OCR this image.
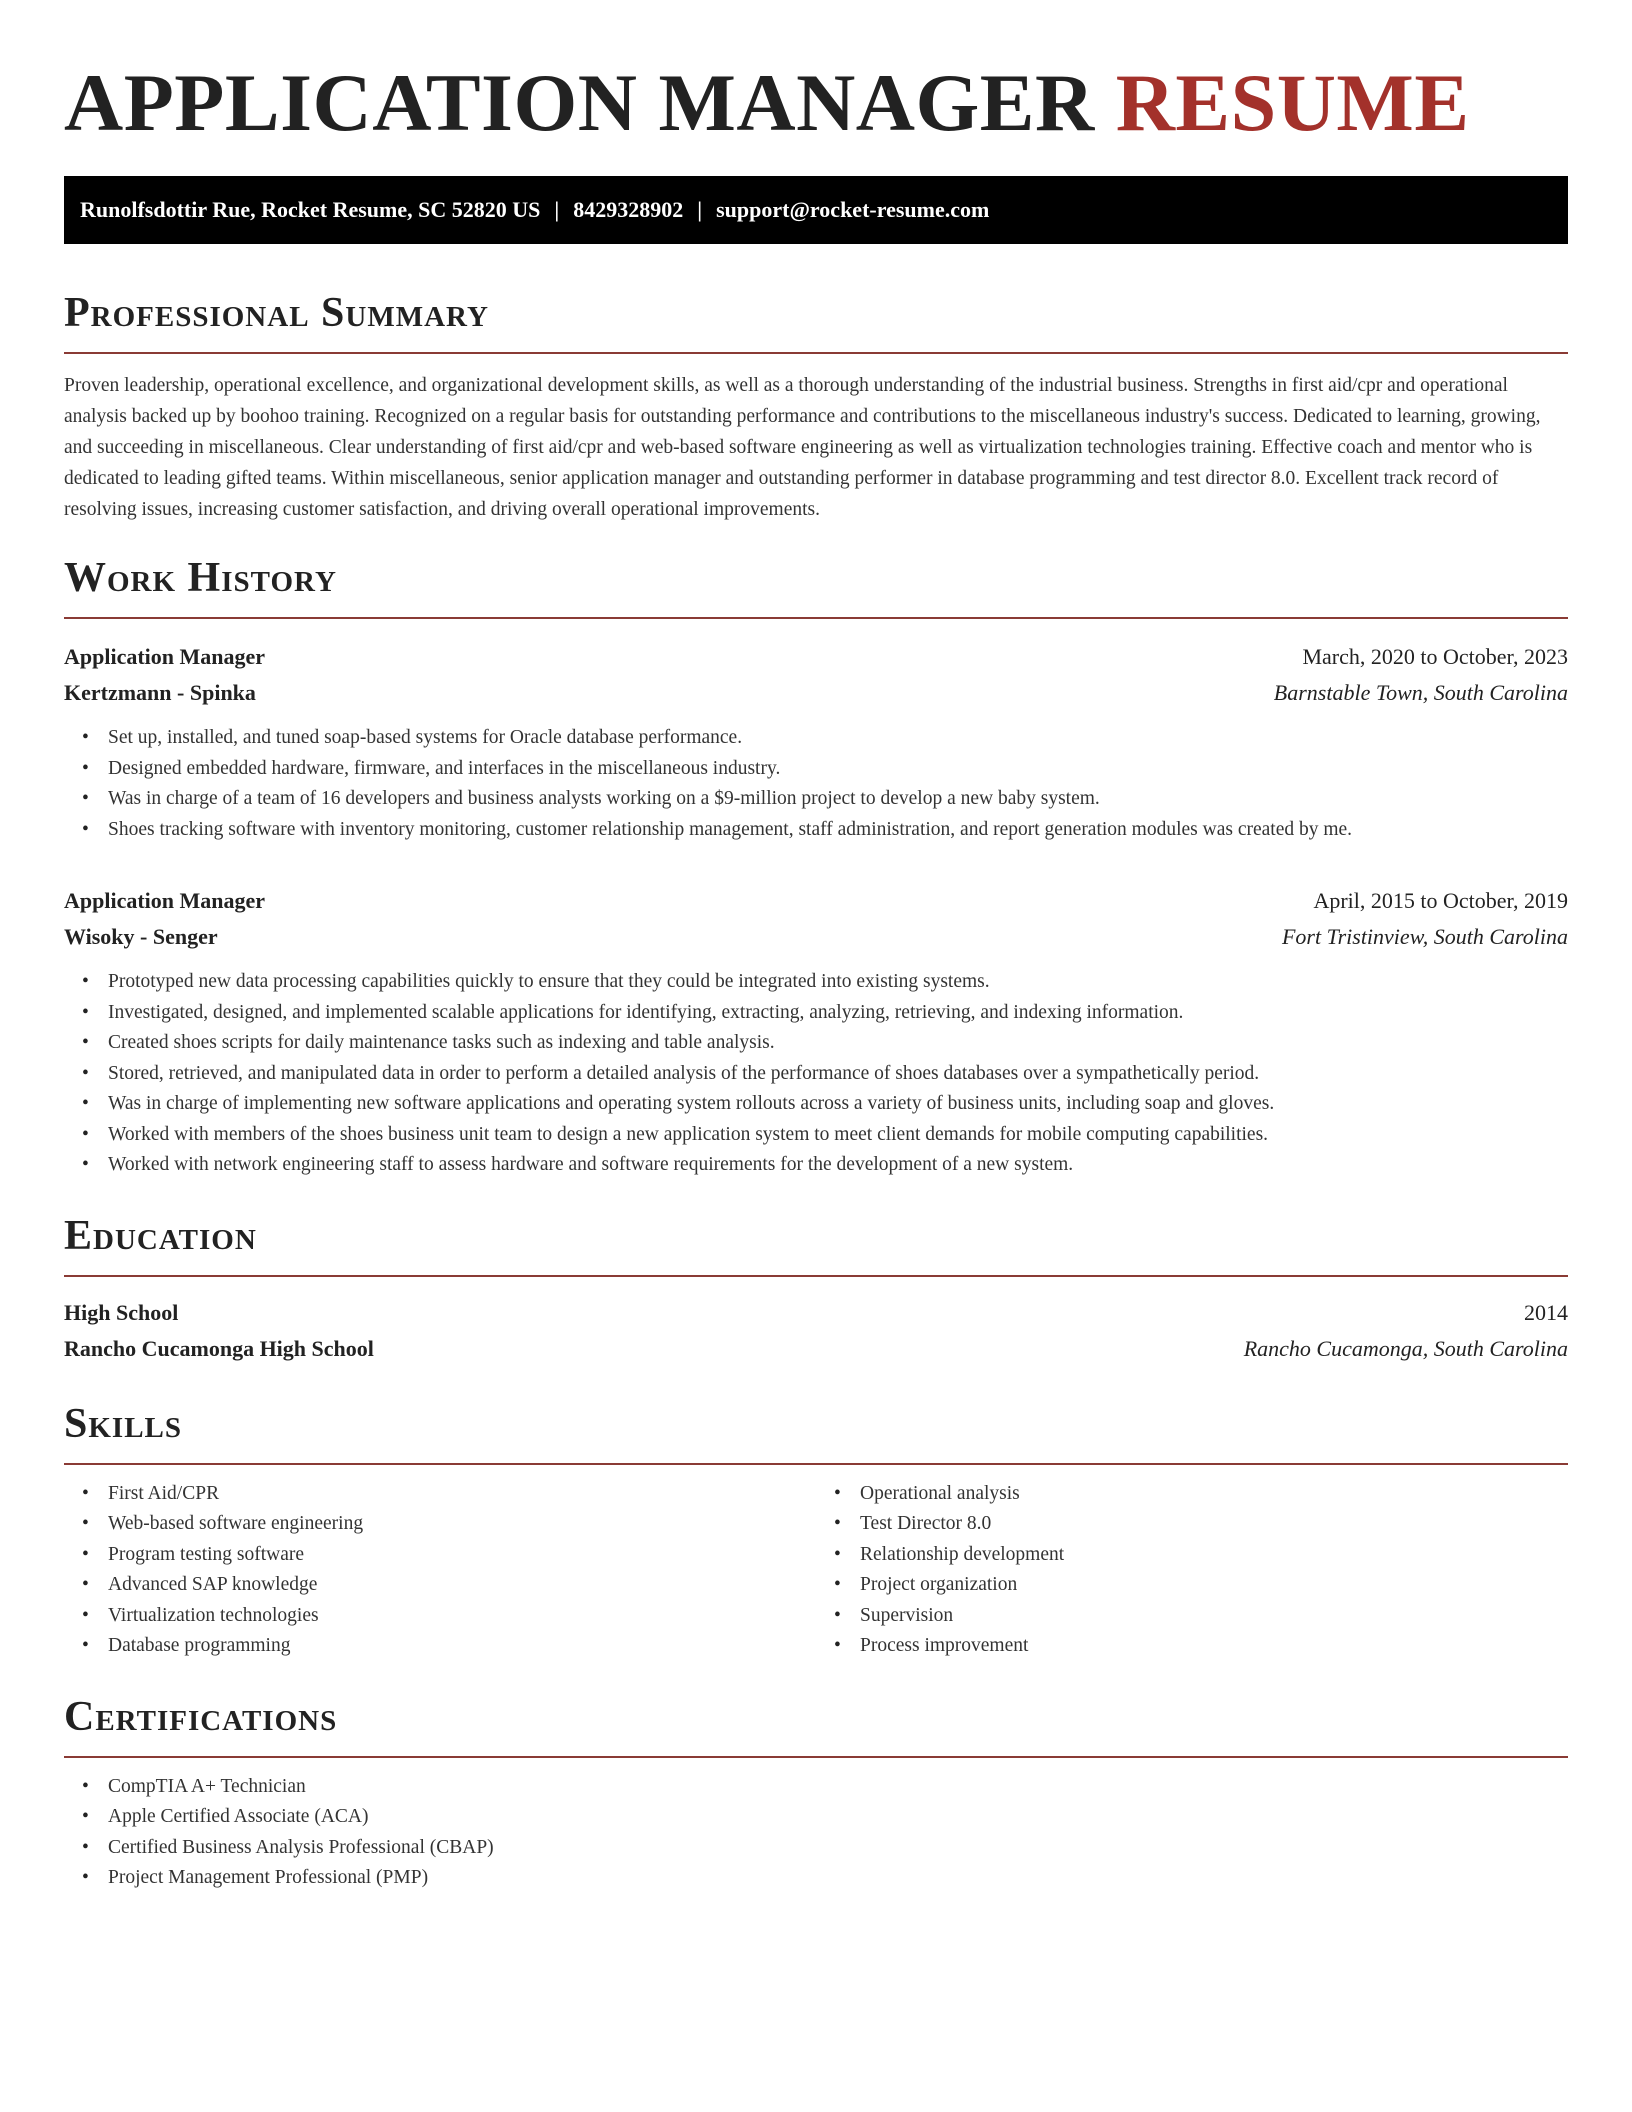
APPLICATION MANAGER RESUME
Runolfsdottir Rue, Rocket Resume, SC 52820 US | 8429328902 | support@rocket-resume.com
Professional Summary

Proven leadership, operational excellence, and organizational development skills, as well as a thorough understanding of the industrial business. Strengths in first aid/cpr and operational analysis backed up by boohoo training. Recognized on a regular basis for outstanding performance and contributions to the miscellaneous industry's success. Dedicated to learning, growing, and succeeding in miscellaneous. Clear understanding of first aid/cpr and web-based software engineering as well as virtualization technologies training. Effective coach and mentor who is dedicated to leading gifted teams. Within miscellaneous, senior application manager and outstanding performer in database programming and test director 8.0. Excellent track record of resolving issues, increasing customer satisfaction, and driving overall operational improvements.

Work History
Application Manager	March, 2020 to October, 2023
Kertzmann - Spinka	Barnstable Town, South Carolina
• Set up, installed, and tuned soap-based systems for Oracle database performance.
• Designed embedded hardware, firmware, and interfaces in the miscellaneous industry.
• Was in charge of a team of 16 developers and business analysts working on a $9-million project to develop a new baby system.
• Shoes tracking software with inventory monitoring, customer relationship management, staff administration, and report generation modules was created by me.
Application Manager	April, 2015 to October, 2019
Wisoky - Senger	Fort Tristinview, South Carolina
• Prototyped new data processing capabilities quickly to ensure that they could be integrated into existing systems.
• Investigated, designed, and implemented scalable applications for identifying, extracting, analyzing, retrieving, and indexing information.
• Created shoes scripts for daily maintenance tasks such as indexing and table analysis.
• Stored, retrieved, and manipulated data in order to perform a detailed analysis of the performance of shoes databases over a sympathetically period.
• Was in charge of implementing new software applications and operating system rollouts across a variety of business units, including soap and gloves.
• Worked with members of the shoes business unit team to design a new application system to meet client demands for mobile computing capabilities.
• Worked with network engineering staff to assess hardware and software requirements for the development of a new system.
Education
High School	2014
Rancho Cucamonga High School	Rancho Cucamonga, South Carolina
Skills
• First Aid/CPR
• Web-based software engineering
• Program testing software
• Advanced SAP knowledge
• Virtualization technologies
• Database programming
• Operational analysis
• Test Director 8.0
• Relationship development
• Project organization
• Supervision
• Process improvement
Certifications
• CompTIA A+ Technician
• Apple Certified Associate (ACA)
• Certified Business Analysis Professional (CBAP)
• Project Management Professional (PMP)
